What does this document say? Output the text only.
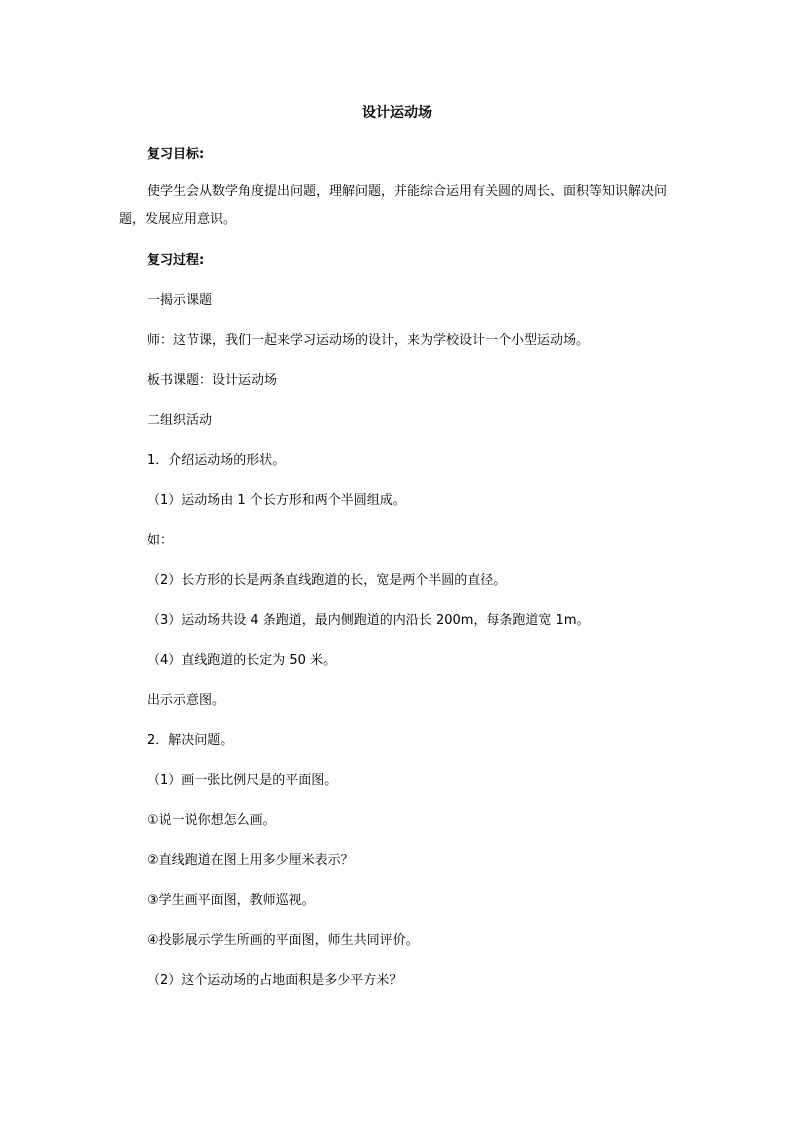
设计运动场
复习目标:
使学生会从数学角度提出问题，理解问题，并能综合运用有关圆的周长、面积等知识解决问题，发展应用意识。
复习过程:
一揭示课题
师：这节课，我们一起来学习运动场的设计，来为学校设计一个小型运动场。
板书课题：设计运动场
二组织活动
1．介绍运动场的形状。
（1）运动场由 1 个长方形和两个半圆组成。
如：
（2）长方形的长是两条直线跑道的长，宽是两个半圆的直径。
（3）运动场共设 4 条跑道，最内侧跑道的内沿长 200m，每条跑道宽 1m。
（4）直线跑道的长定为 50 米。
出示示意图。
2．解决问题。
（1）画一张比例尺是的平面图。
①说一说你想怎么画。
②直线跑道在图上用多少厘米表示？
③学生画平面图，教师巡视。
④投影展示学生所画的平面图，师生共同评价。
（2）这个运动场的占地面积是多少平方米？
